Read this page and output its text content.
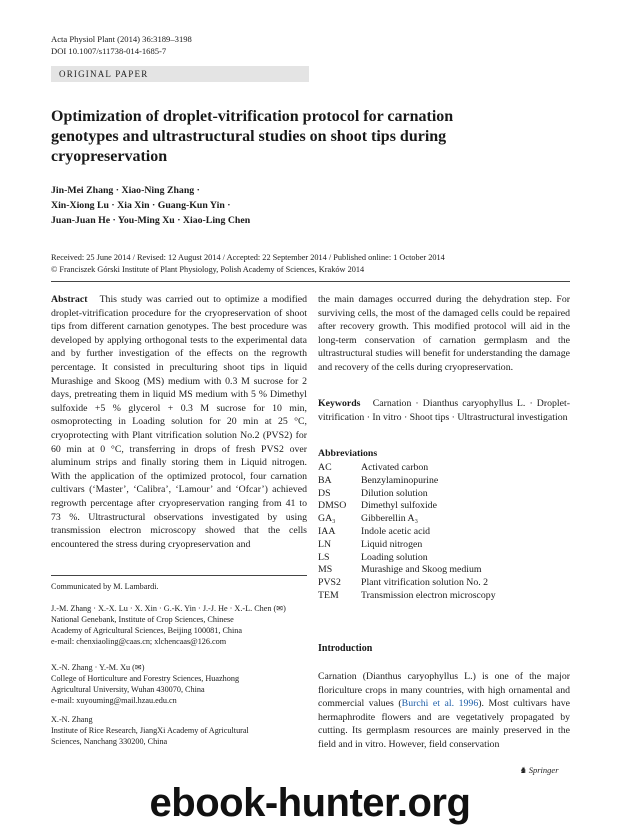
Acta Physiol Plant (2014) 36:3189–3198
DOI 10.1007/s11738-014-1685-7
ORIGINAL PAPER
Optimization of droplet-vitrification protocol for carnation genotypes and ultrastructural studies on shoot tips during cryopreservation
Jin-Mei Zhang · Xiao-Ning Zhang ·
Xin-Xiong Lu · Xia Xin · Guang-Kun Yin ·
Juan-Juan He · You-Ming Xu · Xiao-Ling Chen
Received: 25 June 2014 / Revised: 12 August 2014 / Accepted: 22 September 2014 / Published online: 1 October 2014
© Franciszek Górski Institute of Plant Physiology, Polish Academy of Sciences, Kraków 2014

Abstract This study was carried out to optimize a modified droplet-vitrification procedure for the cryopreservation of shoot tips from different carnation genotypes. The best procedure was developed by applying orthogonal tests to the experimental data and by further investigation of the effects on the regrowth percentage. It consisted in preculturing shoot tips in liquid Murashige and Skoog (MS) medium with 0.3 M sucrose for 2 days, pretreating them in liquid MS medium with 5 % Dimethyl sulfoxide +5 % glycerol + 0.3 M sucrose for 10 min, osmoprotecting in Loading solution for 20 min at 25 °C, cryoprotecting with Plant vitrification solution No.2 (PVS2) for 60 min at 0 °C, transferring in drops of fresh PVS2 over aluminum strips and finally storing them in Liquid nitrogen. With the application of the optimized protocol, four carnation cultivars (‘Master’, ‘Calibra’, ‘Lamour’ and ‘Ofcar’) achieved regrowth percentage after cryopreservation ranging from 41 to 73 %. Ultrastructural observations investigated by using transmission electron microscopy showed that the cells encountered the stress during cryopreservation and

the main damages occurred during the dehydration step. For surviving cells, the most of the damaged cells could be repaired after recovery growth. This modified protocol will aid in the long-term conservation of carnation germplasm and the ultrastructural studies will benefit for understanding the damage and recovery of the cells during cryopreservation.
Keywords Carnation · Dianthus caryophyllus L. · Droplet-vitrification · In vitro · Shoot tips · Ultrastructural investigation
Abbreviations
AC	Activated carbon
BA	Benzylaminopurine
DS	Dilution solution
DMSO	Dimethyl sulfoxide
GA₃	Gibberellin A₃
IAA	Indole acetic acid
LN	Liquid nitrogen
LS	Loading solution
MS	Murashige and Skoog medium
PVS2	Plant vitrification solution No. 2
TEM	Transmission electron microscopy
Communicated by M. Lambardi.
J.-M. Zhang · X.-X. Lu · X. Xin · G.-K. Yin · J.-J. He · X.-L. Chen (✉)
National Genebank, Institute of Crop Sciences, Chinese
Academy of Agricultural Sciences, Beijing 100081, China
e-mail: chenxiaoling@caas.cn; xlchencaas@126.com
X.-N. Zhang · Y.-M. Xu (✉)
College of Horticulture and Forestry Sciences, Huazhong
Agricultural University, Wuhan 430070, China
e-mail: xuyouming@mail.hzau.edu.cn
X.-N. Zhang
Institute of Rice Research, JiangXi Academy of Agricultural
Sciences, Nanchang 330200, China
Introduction
Carnation (Dianthus caryophyllus L.) is one of the major floriculture crops in many countries, with high ornamental and commercial values (Burchi et al. 1996). Most cultivars have hermaphrodite flowers and are vegetatively propagated by cutting. Its germplasm resources are mainly preserved in the field and in vitro. However, field conservation
♞ Springer
ebook-hunter.org
